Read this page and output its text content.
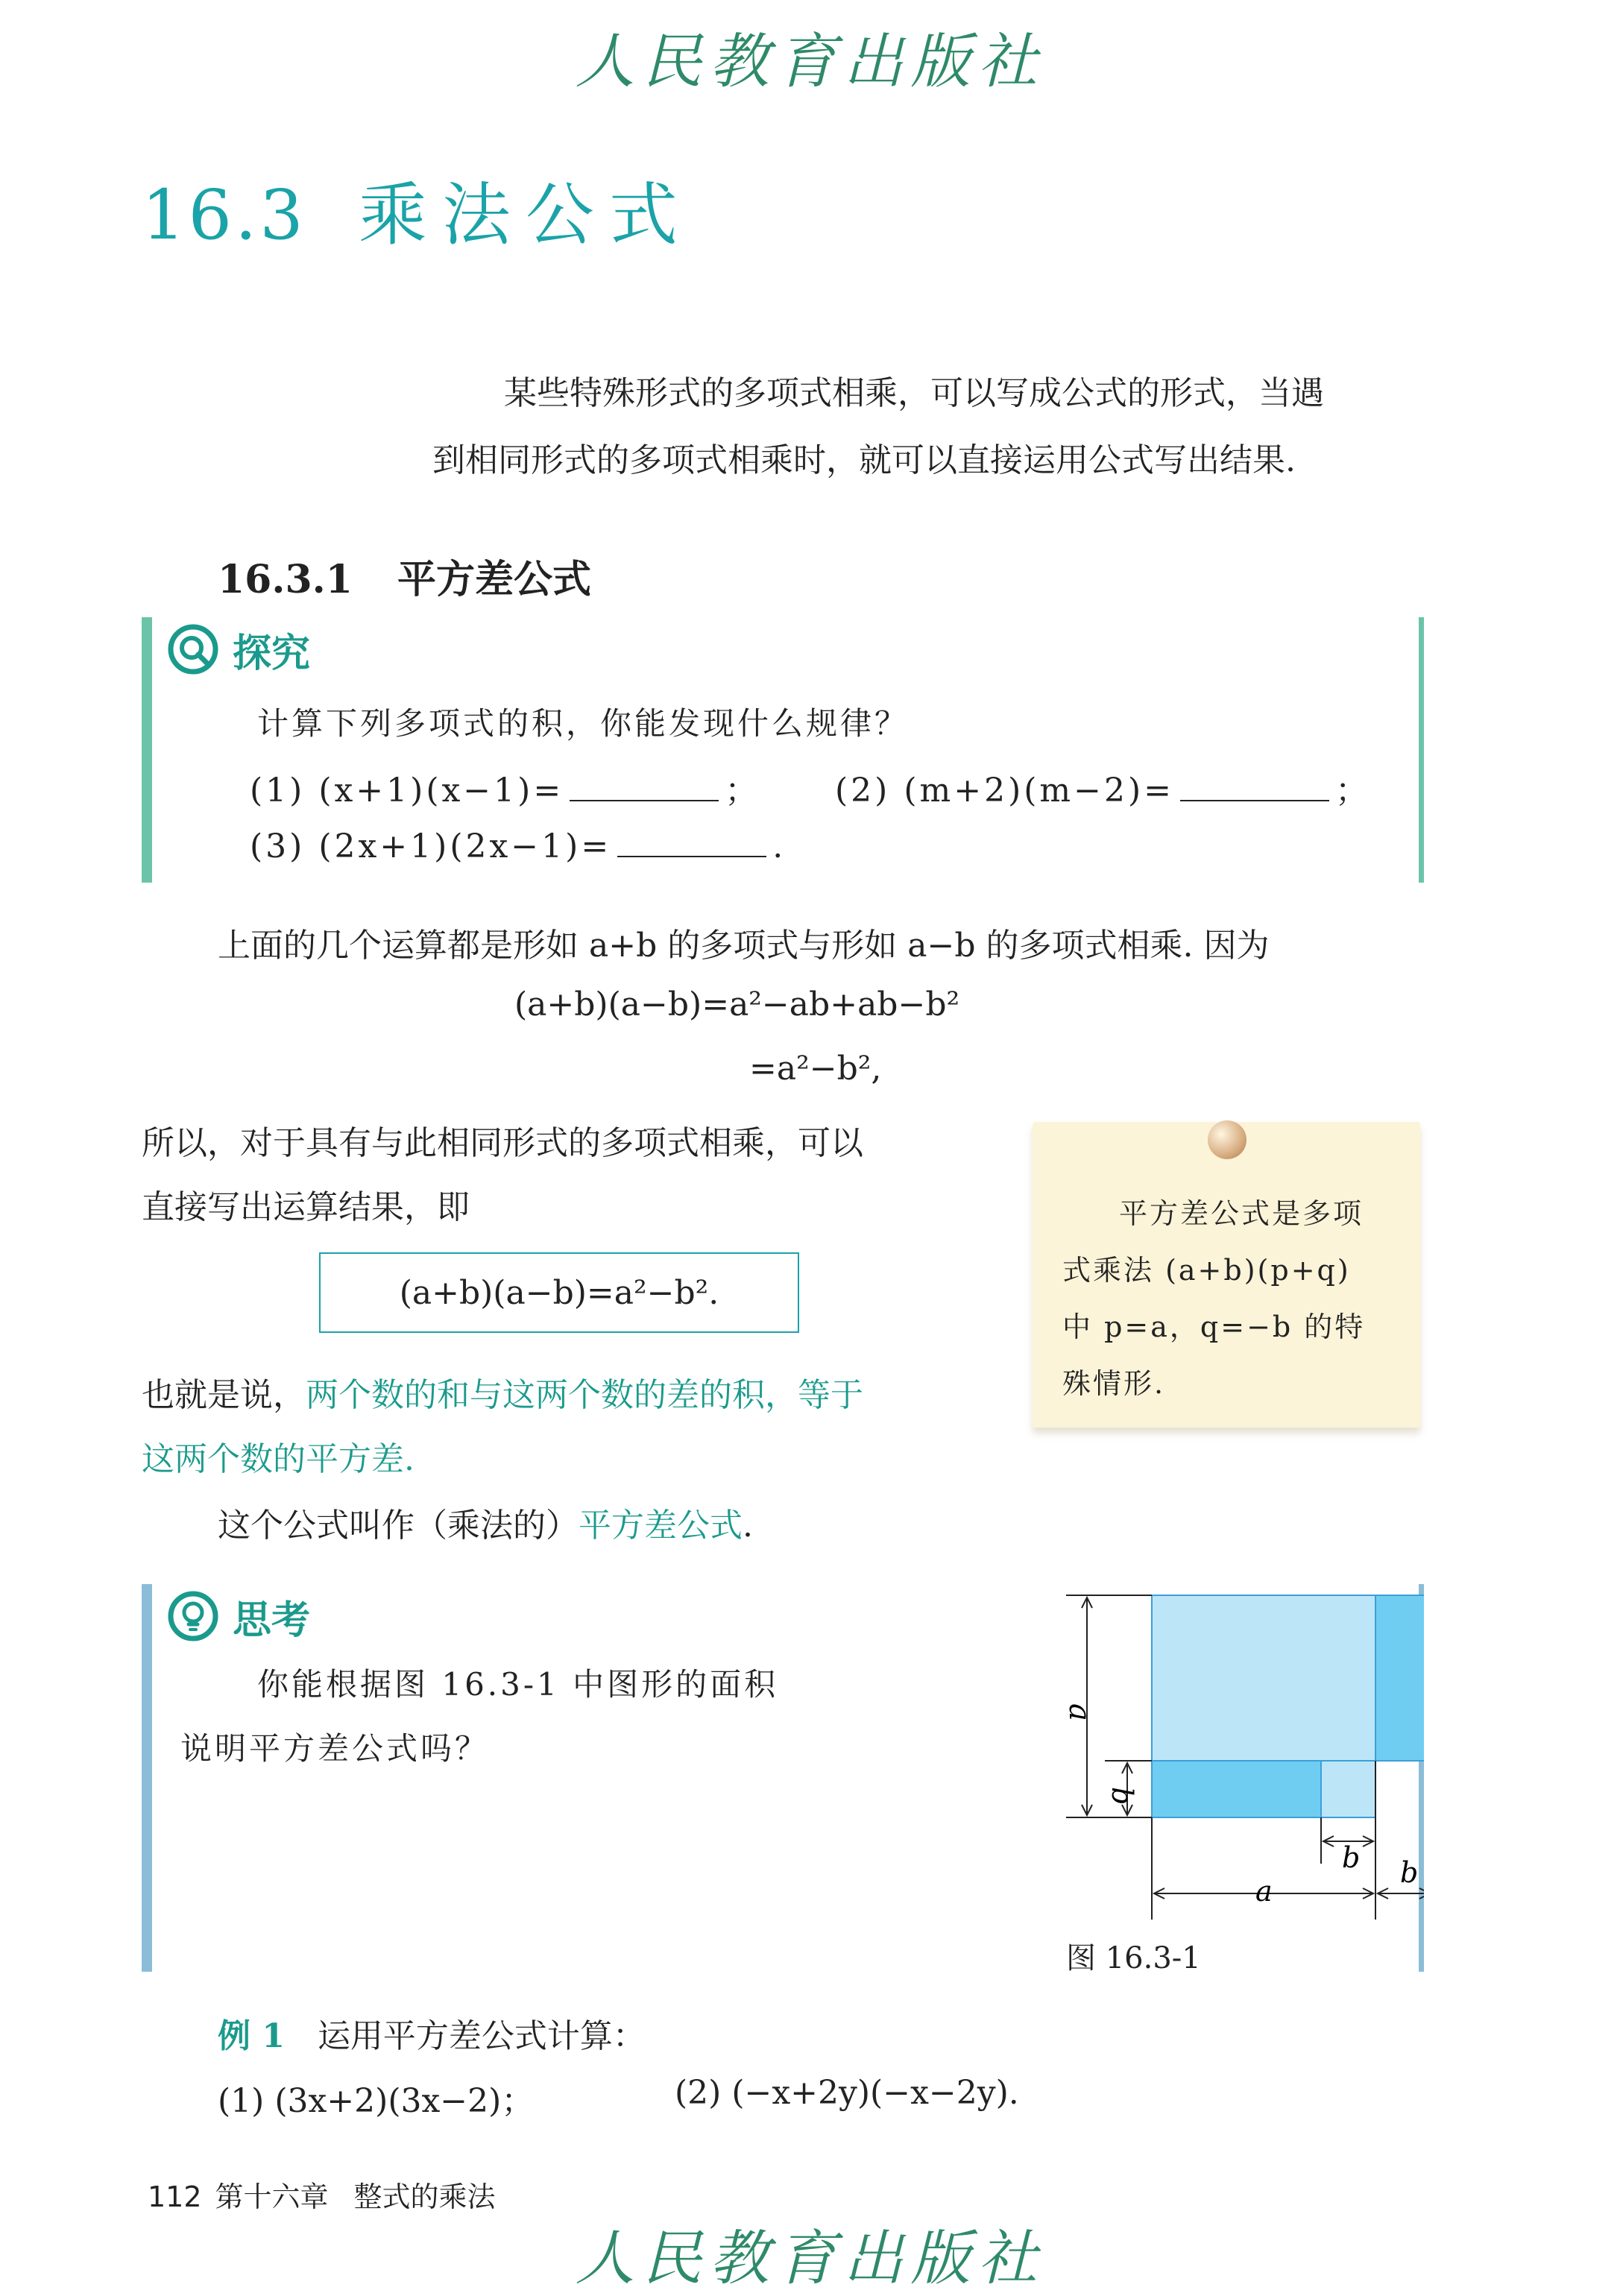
人民教育出版社
16.3 乘法公式
某些特殊形式的多项式相乘，可以写成公式的形式，当遇
到相同形式的多项式相乘时，就可以直接运用公式写出结果.
16.3.1 平方差公式
探究
计算下列多项式的积，你能发现什么规律？
(1) (x+1)(x−1)=	； (2) (m+2)(m−2)=	；
(3) (2x+1)(2x−1)=	.
上面的几个运算都是形如 a+b 的多项式与形如 a−b 的多项式相乘. 因为
(a+b)(a−b)=a²−ab+ab−b²
=a²−b²,
所以，对于具有与此相同形式的多项式相乘，可以
直接写出运算结果，即
(a+b)(a−b)=a²−b².
也就是说，两个数的和与这两个数的差的积，等于
这两个数的平方差.
这个公式叫作（乘法的）平方差公式.
平方差公式是多项
式乘法 (a+b)(p+q)
中 p=a，q=−b 的特
殊情形.
思考
你能根据图 16.3-1 中图形的面积
说明平方差公式吗？
a
b
b
a
b
图 16.3-1
例 1 运用平方差公式计算：
(1) (3x+2)(3x−2)；	(2) (−x+2y)(−x−2y).
112 第十六章 整式的乘法
人民教育出版社
